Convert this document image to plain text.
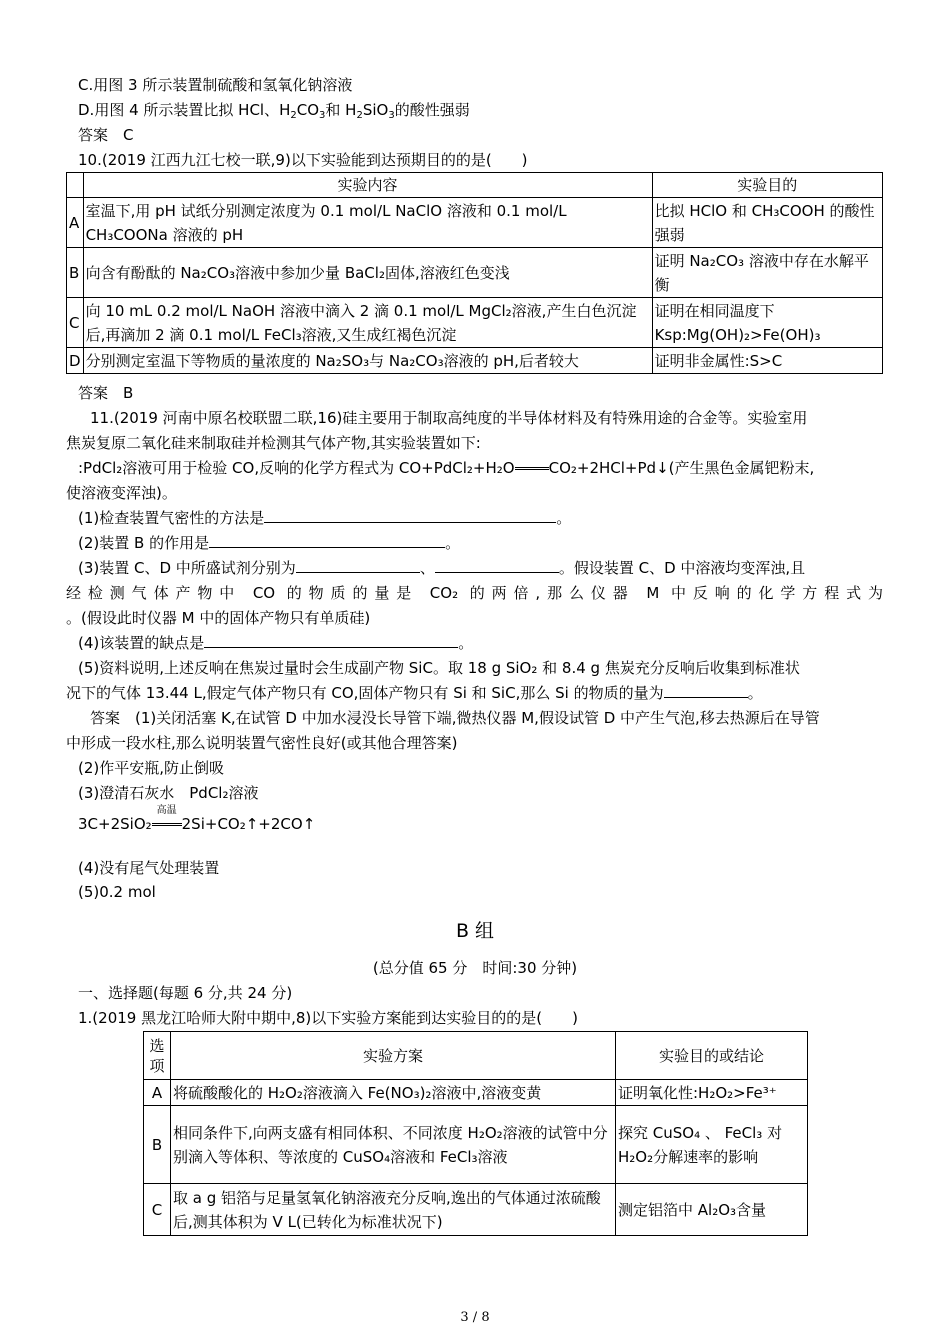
C.用图 3 所示装置制硫酸和氢氧化钠溶液
D.用图 4 所示装置比拟 HCl、$H_2CO_3$和 $H_2SiO_3$的酸性强弱
答案　C
10.(2019 江西九江七校一联,9)以下实验能到达预期目的的是(　　)
	实验内容	实验目的
A	室温下,用 pH 试纸分别测定浓度为 0.1 mol/L NaClO 溶液和 0.1 mol/L CH₃COONa 溶液的 pH	比拟 HClO 和 CH₃COOH 的酸性强弱
B	向含有酚酞的 Na₂CO₃溶液中参加少量 BaCl₂固体,溶液红色变浅	证明 Na₂CO₃ 溶液中存在水解平衡
C	向 10 mL 0.2 mol/L NaOH 溶液中滴入 2 滴 0.1 mol/L MgCl₂溶液,产生白色沉淀后,再滴加 2 滴 0.1 mol/L FeCl₃溶液,又生成红褐色沉淀	证明在相同温度下 Ksp:Mg(OH)₂>Fe(OH)₃
D	分别测定室温下等物质的量浓度的 Na₂SO₃与 Na₂CO₃溶液的 pH,后者较大	证明非金属性:S>C
答案　B
11.(2019 河南中原名校联盟二联,16)硅主要用于制取高纯度的半导体材料及有特殊用途的合金等。实验室用
焦炭复原二氧化硅来制取硅并检测其气体产物,其实验装置如下:
:PdCl₂溶液可用于检验 CO,反响的化学方程式为 CO+PdCl₂+H₂O CO₂+2HCl+Pd↓(产生黑色金属钯粉末,
使溶液变浑浊)。
(1)检查装置气密性的方法是	。
(2)装置 B 的作用是	。
(3)装置 C、D 中所盛试剂分别为	、	。假设装置 C、D 中溶液均变浑浊,且
经检测气体产物中 CO 的物质的量是 CO₂ 的两倍,那么仪器 M 中反响的化学方程式为
。(假设此时仪器 M 中的固体产物只有单质硅)
(4)该装置的缺点是	。
(5)资料说明,上述反响在焦炭过量时会生成副产物 SiC。取 18 g SiO₂ 和 8.4 g 焦炭充分反响后收集到标准状
况下的气体 13.44 L,假定气体产物只有 CO,固体产物只有 Si 和 SiC,那么 Si 的物质的量为	。
答案　(1)关闭活塞 K,在试管 D 中加水浸没长导管下端,微热仪器 M,假设试管 D 中产生气泡,移去热源后在导管
中形成一段水柱,那么说明装置气密性良好(或其他合理答案)
(2)作平安瓶,防止倒吸
(3)澄清石灰水　PdCl₂溶液
3C+2SiO₂
高温
2Si+CO₂↑+2CO↑
(4)没有尾气处理装置
(5)0.2 mol
B 组
(总分值 65 分　时间:30 分钟)
一、选择题(每题 6 分,共 24 分)
1.(2019 黑龙江哈师大附中期中,8)以下实验方案能到达实验目的的是(　　)
选项	实验方案	实验目的或结论
A	将硫酸酸化的 H₂O₂溶液滴入 Fe(NO₃)₂溶液中,溶液变黄	证明氧化性:H₂O₂>Fe³⁺
B	相同条件下,向两支盛有相同体积、不同浓度 H₂O₂溶液的试管中分别滴入等体积、等浓度的 CuSO₄溶液和 FeCl₃溶液	探究 CuSO₄ 、 FeCl₃ 对 H₂O₂分解速率的影响
C	取 a g 铝箔与足量氢氧化钠溶液充分反响,逸出的气体通过浓硫酸后,测其体积为 V L(已转化为标准状况下)	测定铝箔中 Al₂O₃含量
3 / 8
